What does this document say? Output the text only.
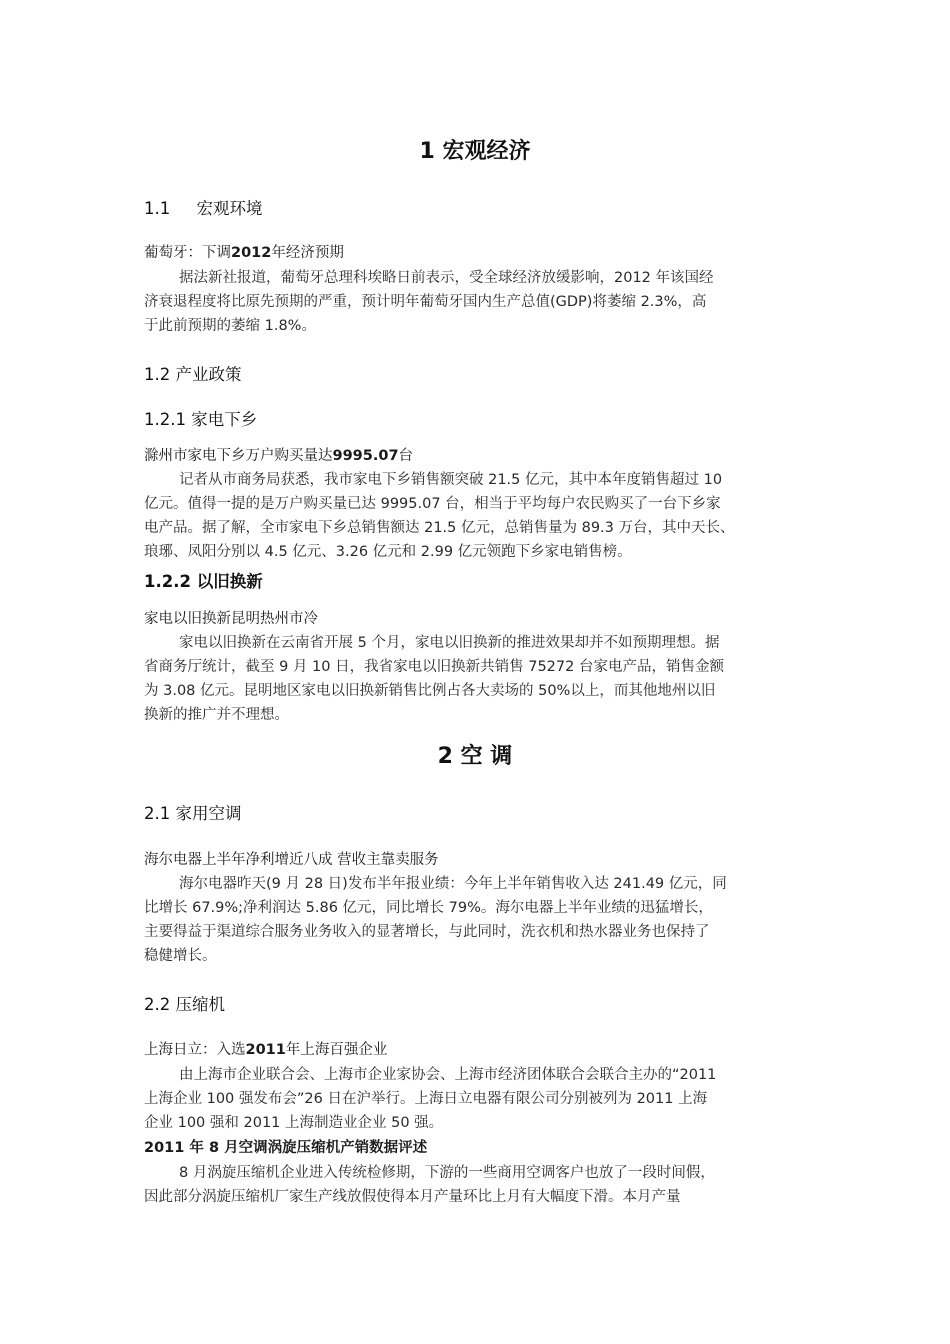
1 宏观经济
1.1     宏观环境
葡萄牙：下调2012年经济预期
据法新社报道，葡萄牙总理科埃略日前表示，受全球经济放缓影响，2012 年该国经
济衰退程度将比原先预期的严重，预计明年葡萄牙国内生产总值(GDP)将萎缩 2.3%，高
于此前预期的萎缩 1.8%。
1.2 产业政策
1.2.1 家电下乡
滁州市家电下乡万户购买量达9995.07台
记者从市商务局获悉，我市家电下乡销售额突破 21.5 亿元，其中本年度销售超过 10
亿元。值得一提的是万户购买量已达 9995.07 台，相当于平均每户农民购买了一台下乡家
电产品。据了解，全市家电下乡总销售额达 21.5 亿元，总销售量为 89.3 万台，其中天长、
琅琊、凤阳分别以 4.5 亿元、3.26 亿元和 2.99 亿元领跑下乡家电销售榜。
1.2.2 以旧换新
家电以旧换新昆明热州市冷
家电以旧换新在云南省开展 5 个月，家电以旧换新的推进效果却并不如预期理想。据
省商务厅统计，截至 9 月 10 日，我省家电以旧换新共销售 75272 台家电产品，销售金额
为 3.08 亿元。昆明地区家电以旧换新销售比例占各大卖场的 50%以上，而其他地州以旧
换新的推广并不理想。
2 空 调
2.1 家用空调
海尔电器上半年净利增近八成 营收主靠卖服务
海尔电器昨天(9 月 28 日)发布半年报业绩：今年上半年销售收入达 241.49 亿元，同
比增长 67.9%;净利润达 5.86 亿元，同比增长 79%。海尔电器上半年业绩的迅猛增长，
主要得益于渠道综合服务业务收入的显著增长，与此同时，洗衣机和热水器业务也保持了
稳健增长。
2.2 压缩机
上海日立：入选2011年上海百强企业
由上海市企业联合会、上海市企业家协会、上海市经济团体联合会联合主办的“2011
上海企业 100 强发布会”26 日在沪举行。上海日立电器有限公司分别被列为 2011 上海
企业 100 强和 2011 上海制造业企业 50 强。
2011 年 8 月空调涡旋压缩机产销数据评述
8 月涡旋压缩机企业进入传统检修期，下游的一些商用空调客户也放了一段时间假，
因此部分涡旋压缩机厂家生产线放假使得本月产量环比上月有大幅度下滑。本月产量
